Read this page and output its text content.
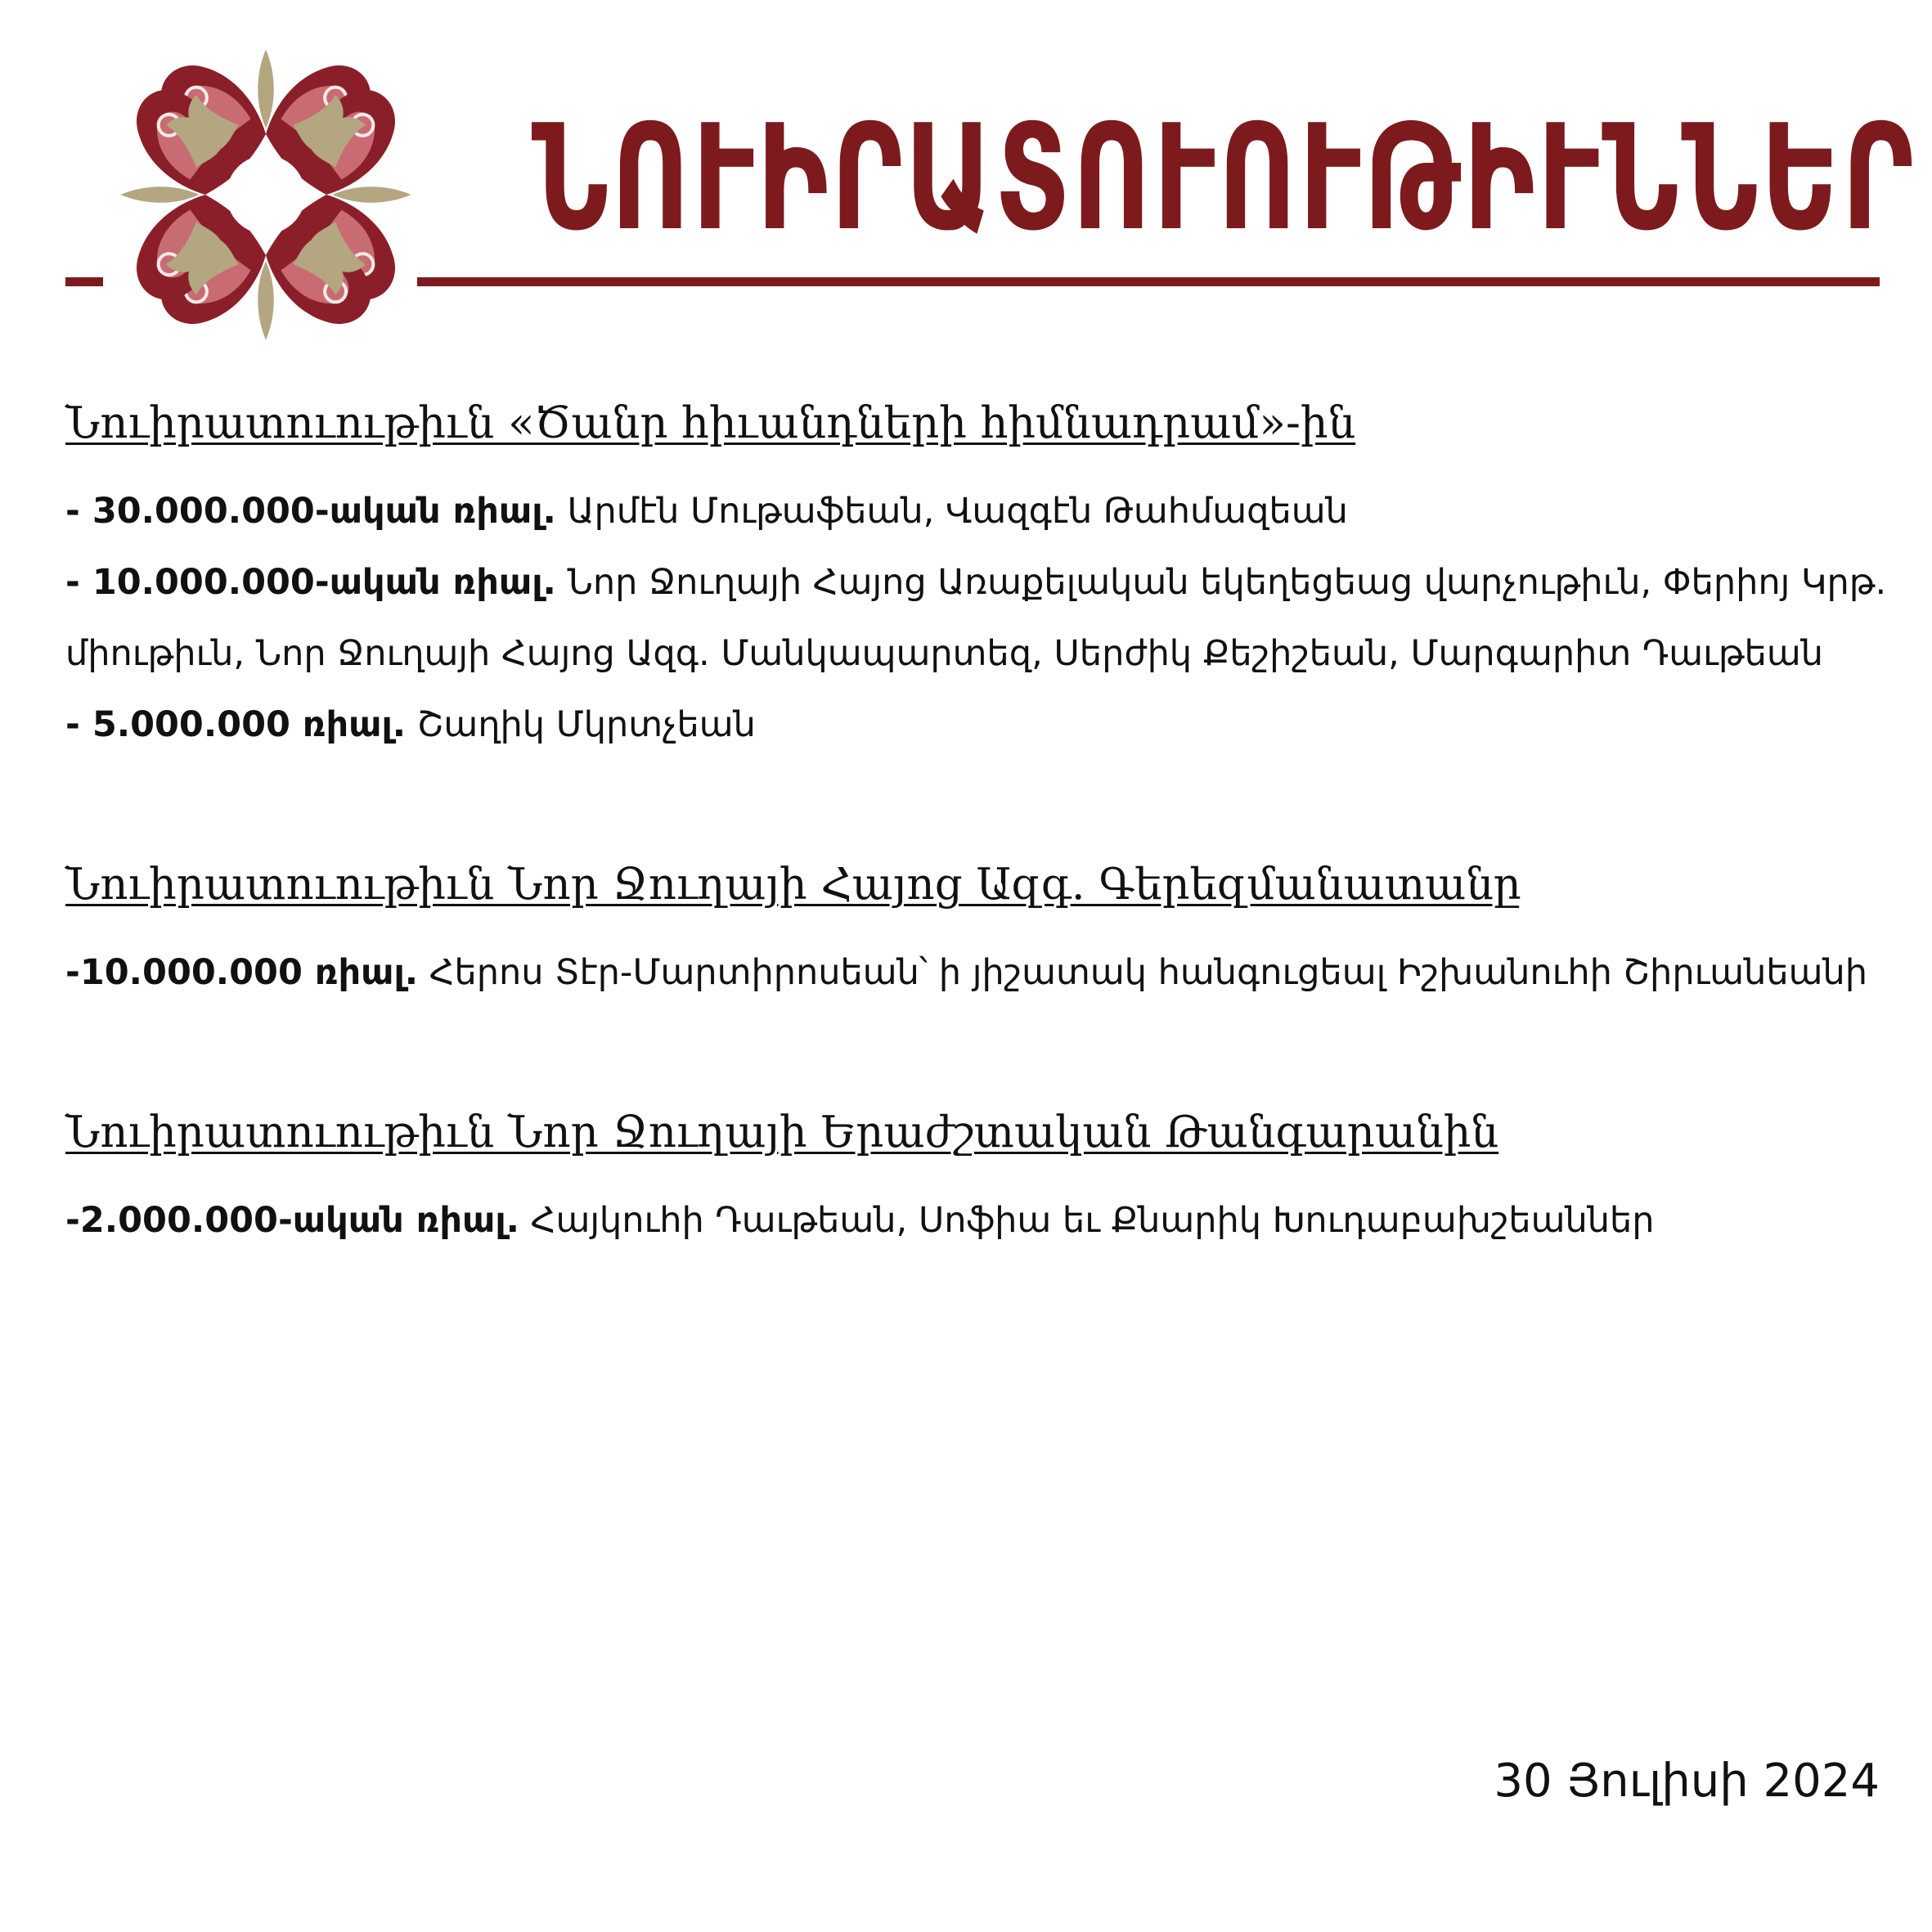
ՆՈՒԻՐԱՏՈՒՈՒԹԻՒՆՆԵՐ
Նուիրատուութիւն «Ծանր հիւանդների հիմնադրամ»-ին

- 30.000.000-ական ռիալ. Արմէն Մութաֆեան, Վազգէն Թահմազեան

- 10.000.000-ական ռիալ. Նոր Ջուղայի Հայոց Առաքելական եկեղեցեաց վարչութիւն, Փերիոյ Կրթ. միութիւն, Նոր Ջուղայի Հայոց Ազգ. Մանկապարտեզ, Սերժիկ Քեշիշեան, Մարգարիտ Դաւթեան

- 5.000.000 ռիալ. Շաղիկ Մկրտչեան

Նուիրատուութիւն Նոր Ջուղայի Հայոց Ազգ. Գերեզմանատանը

-10.000.000 ռիալ. Հերոս Տէր-Մարտիրոսեան՝ ի յիշատակ հանգուցեալ Իշխանուհի Շիրւանեանի

Նուիրատուութիւն Նոր Ջուղայի Երաժշտական Թանգարանին

-2.000.000-ական ռիալ. Հայկուհի Դաւթեան, Սոֆիա եւ Քնարիկ Խուդաբախշեաններ

30 Յուլիսի 2024
